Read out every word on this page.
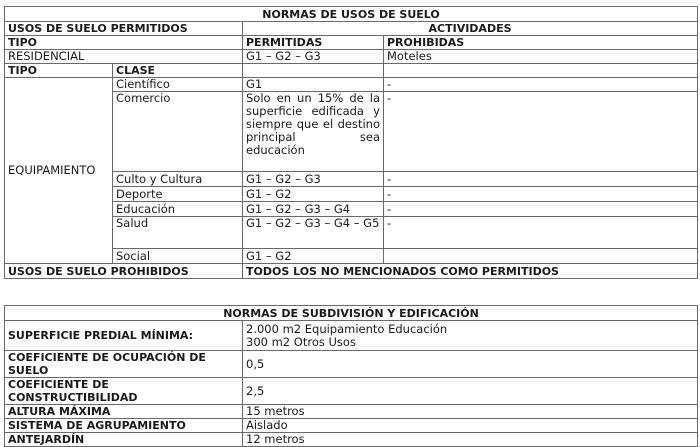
NORMAS DE USOS DE SUELO			
USOS DE SUELO PERMITIDOS		ACTIVIDADES	
TIPO		PERMITIDAS	PROHIBIDAS
RESIDENCIAL		G1 – G2 – G3	Moteles
TIPO	CLASE		
EQUIPAMIENTO	Científico	G1	-
	Comercio	Solo en un 15% de la superficie edificada y siempre que el destino principal sea educación	-
	Culto y Cultura	G1 – G2 – G3	-
	Deporte	G1 – G2	-
	Educación	G1 – G2 – G3 – G4	-
	Salud	G1 – G2 – G3 – G4 – G5	-
	Social	G1 – G2	
USOS DE SUELO PROHIBIDOS		TODOS LOS NO MENCIONADOS COMO PERMITIDOS	
NORMAS DE SUBDIVISIÓN Y EDIFICACIÓN	
SUPERFICIE PREDIAL MÍNIMA:	2.000 m2 Equipamiento Educación
300 m2 Otros Usos
COEFICIENTE DE OCUPACIÓN DE SUELO	0,5
COEFICIENTE DE CONSTRUCTIBILIDAD	2,5
ALTURA MÁXIMA	15 metros
SISTEMA DE AGRUPAMIENTO	Aislado
ANTEJARDÍN	12 metros
